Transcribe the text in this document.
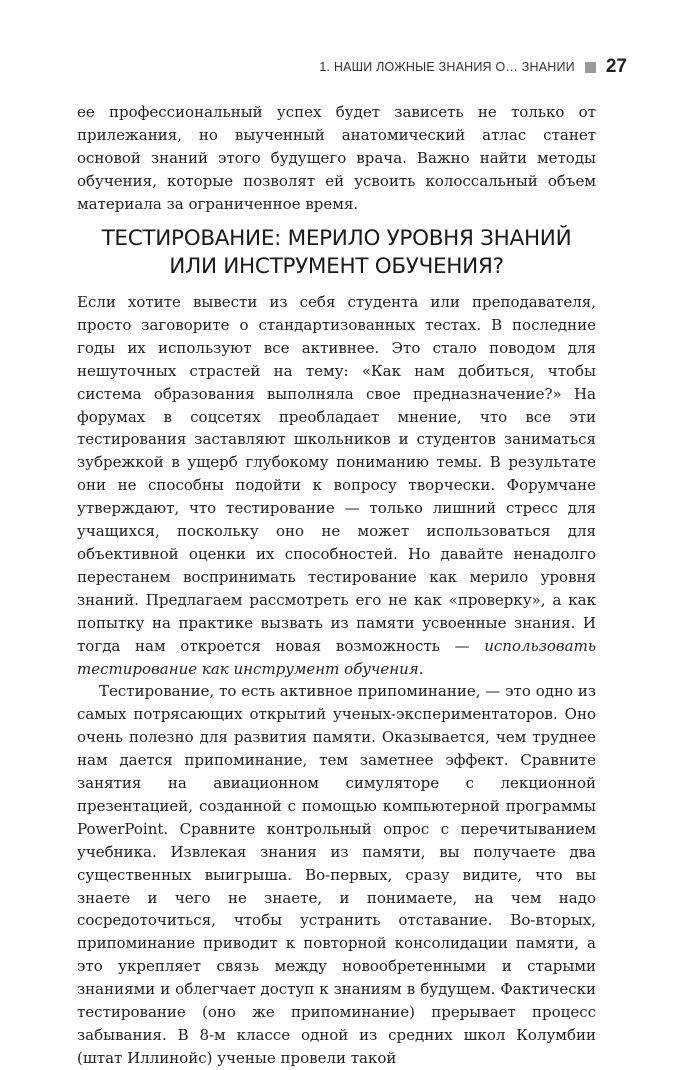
1. НАШИ ЛОЖНЫЕ ЗНАНИЯ О… ЗНАНИИ 27

ее профессиональный успех будет зависеть не только от прилежания, но выученный анатомический атлас станет основой знаний этого будущего врача. Важно найти методы обучения, которые позволят ей усвоить колоссальный объем материала за ограниченное время.

ТЕСТИРОВАНИЕ: МЕРИЛО УРОВНЯ ЗНАНИЙ
ИЛИ ИНСТРУМЕНТ ОБУЧЕНИЯ?

Если хотите вывести из себя студента или преподавателя, просто заговорите о стандартизованных тестах. В последние годы их используют все активнее. Это стало поводом для нешуточных страстей на тему: «Как нам добиться, чтобы система образования выполняла свое предназначение?» На форумах в соцсетях преобладает мнение, что все эти тестирования заставляют школьников и студентов заниматься зубрежкой в ущерб глубокому пониманию темы. В результате они не способны подойти к вопросу творчески. Форумчане утверждают, что тестирование — только лишний стресс для учащихся, поскольку оно не может использоваться для объективной оценки их способностей. Но давайте ненадолго перестанем воспринимать тестирование как мерило уровня знаний. Предлагаем рассмотреть его не как «проверку», а как попытку на практике вызвать из памяти усвоенные знания. И тогда нам откроется новая возможность — использовать тестирование как инструмент обучения.

Тестирование, то есть активное припоминание, — это одно из самых потрясающих открытий ученых-экспериментаторов. Оно очень полезно для развития памяти. Оказывается, чем труднее нам дается припоминание, тем заметнее эффект. Сравните занятия на авиационном симуляторе с лекционной презентацией, созданной с помощью компьютерной программы PowerPoint. Сравните контрольный опрос с перечитыванием учебника. Извлекая знания из памяти, вы получаете два существенных выигрыша. Во-первых, сразу видите, что вы знаете и чего не знаете, и понимаете, на чем надо сосредоточиться, чтобы устранить отставание. Во-вторых, припоминание приводит к повторной консолидации памяти, а это укрепляет связь между новообретенными и старыми знаниями и облегчает доступ к знаниям в будущем. Фактически тестирование (оно же припоминание) прерывает процесс забывания. В 8-м классе одной из средних школ Колумбии (штат Иллинойс) ученые провели такой
